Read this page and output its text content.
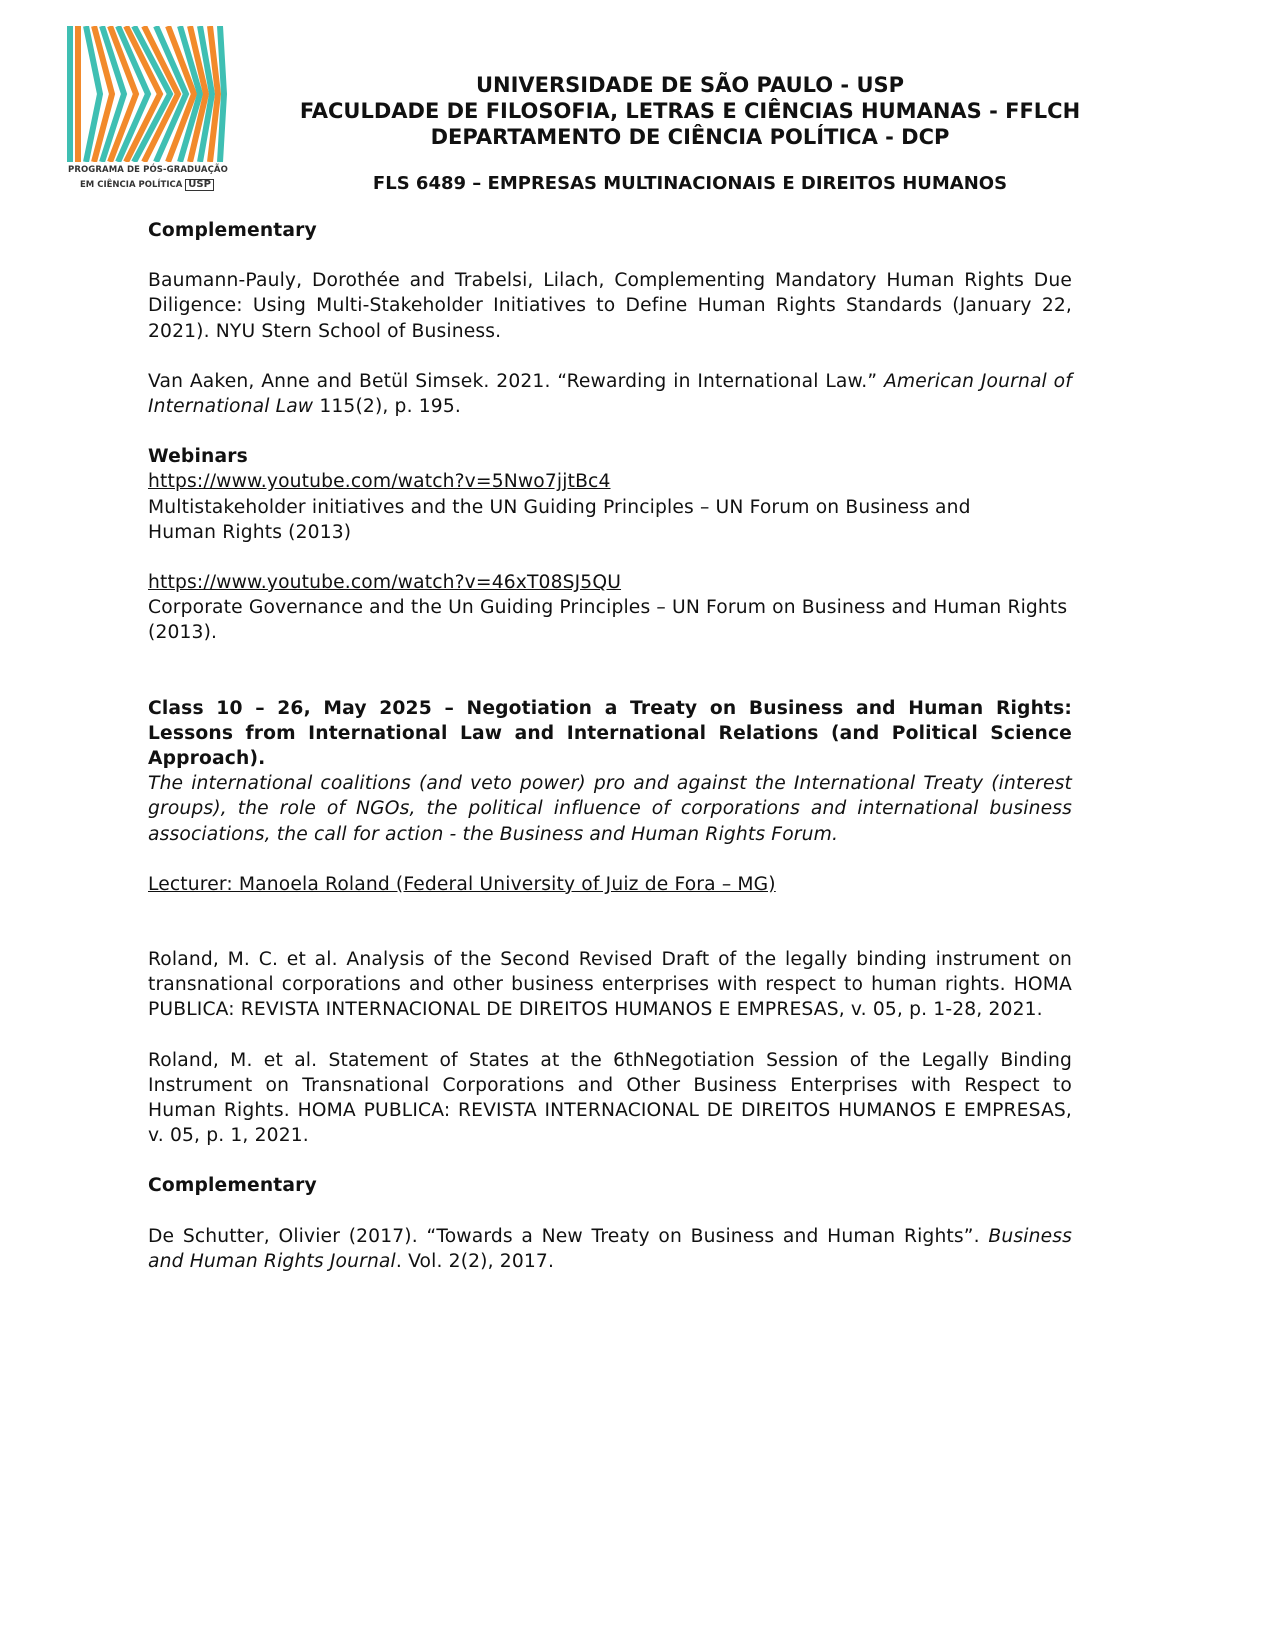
PROGRAMA DE PÓS-GRADUAÇÃO
EM CIÊNCIA POLÍTICA USP
UNIVERSIDADE DE SÃO PAULO - USP
FACULDADE DE FILOSOFIA, LETRAS E CIÊNCIAS HUMANAS - FFLCH
DEPARTAMENTO DE CIÊNCIA POLÍTICA - DCP
FLS 6489 – EMPRESAS MULTINACIONAIS E DIREITOS HUMANOS

Complementary

Baumann-Pauly, Dorothée and Trabelsi, Lilach, Complementing Mandatory Human Rights Due Diligence: Using Multi-Stakeholder Initiatives to Define Human Rights Standards (January 22, 2021). NYU Stern School of Business.

Van Aaken, Anne and Betül Simsek. 2021. “Rewarding in International Law.” American Journal of International Law 115(2), p. 195.

Webinars

https://www.youtube.com/watch?v=5Nwo7jjtBc4

Multistakeholder initiatives and the UN Guiding Principles – UN Forum on Business and
Human Rights (2013)

https://www.youtube.com/watch?v=46xT08SJ5QU

Corporate Governance and the Un Guiding Principles – UN Forum on Business and Human Rights (2013).

Class 10 – 26, May 2025 – Negotiation a Treaty on Business and Human Rights: Lessons from International Law and International Relations (and Political Science Approach).

The international coalitions (and veto power) pro and against the International Treaty (interest groups), the role of NGOs, the political influence of corporations and international business associations, the call for action - the Business and Human Rights Forum.

Lecturer: Manoela Roland (Federal University of Juiz de Fora – MG)

Roland, M. C. et al. Analysis of the Second Revised Draft of the legally binding instrument on transnational corporations and other business enterprises with respect to human rights. HOMA PUBLICA: REVISTA INTERNACIONAL DE DIREITOS HUMANOS E EMPRESAS, v. 05, p. 1-28, 2021.

Roland, M. et al. Statement of States at the 6thNegotiation Session of the Legally Binding Instrument on Transnational Corporations and Other Business Enterprises with Respect to Human Rights. HOMA PUBLICA: REVISTA INTERNACIONAL DE DIREITOS HUMANOS E EMPRESAS, v. 05, p. 1, 2021.

Complementary

De Schutter, Olivier (2017). “Towards a New Treaty on Business and Human Rights”. Business and Human Rights Journal. Vol. 2(2), 2017.
